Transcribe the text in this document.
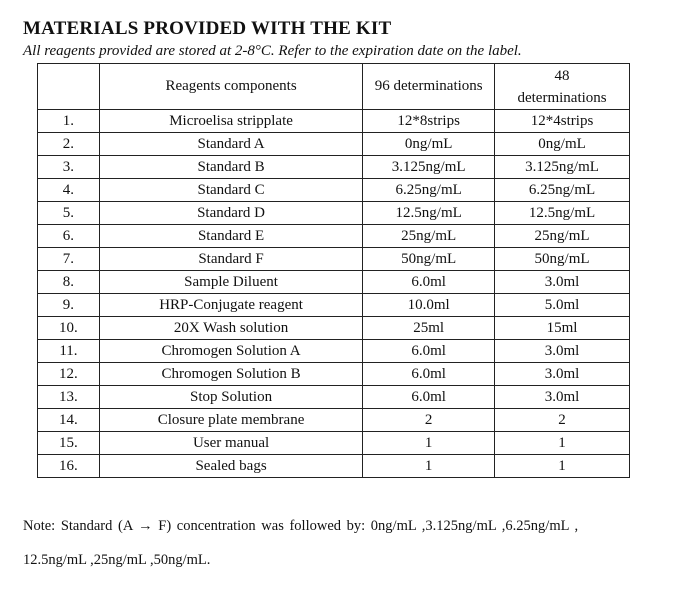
MATERIALS PROVIDED WITH THE KIT
All reagents provided are stored at 2-8°C. Refer to the expiration date on the label.
	Reagents components	96 determinations	48
determinations

1.	Microelisa stripplate	12*8strips	12*4strips
2.	Standard A	0ng/mL	0ng/mL
3.	Standard B	3.125ng/mL	3.125ng/mL
4.	Standard C	6.25ng/mL	6.25ng/mL
5.	Standard D	12.5ng/mL	12.5ng/mL
6.	Standard E	25ng/mL	25ng/mL
7.	Standard F	50ng/mL	50ng/mL
8.	Sample Diluent	6.0ml	3.0ml
9.	HRP-Conjugate reagent	10.0ml	5.0ml
10.	20X Wash solution	25ml	15ml
11.	Chromogen Solution A	6.0ml	3.0ml
12.	Chromogen Solution B	6.0ml	3.0ml
13.	Stop Solution	6.0ml	3.0ml
14.	Closure plate membrane	2	2
15.	User manual	1	1
16.	Sealed bags	1	1
Note: Standard (A → F) concentration was followed by: 0ng/mL ,3.125ng/mL ,6.25ng/mL ,
12.5ng/mL ,25ng/mL ,50ng/mL.
